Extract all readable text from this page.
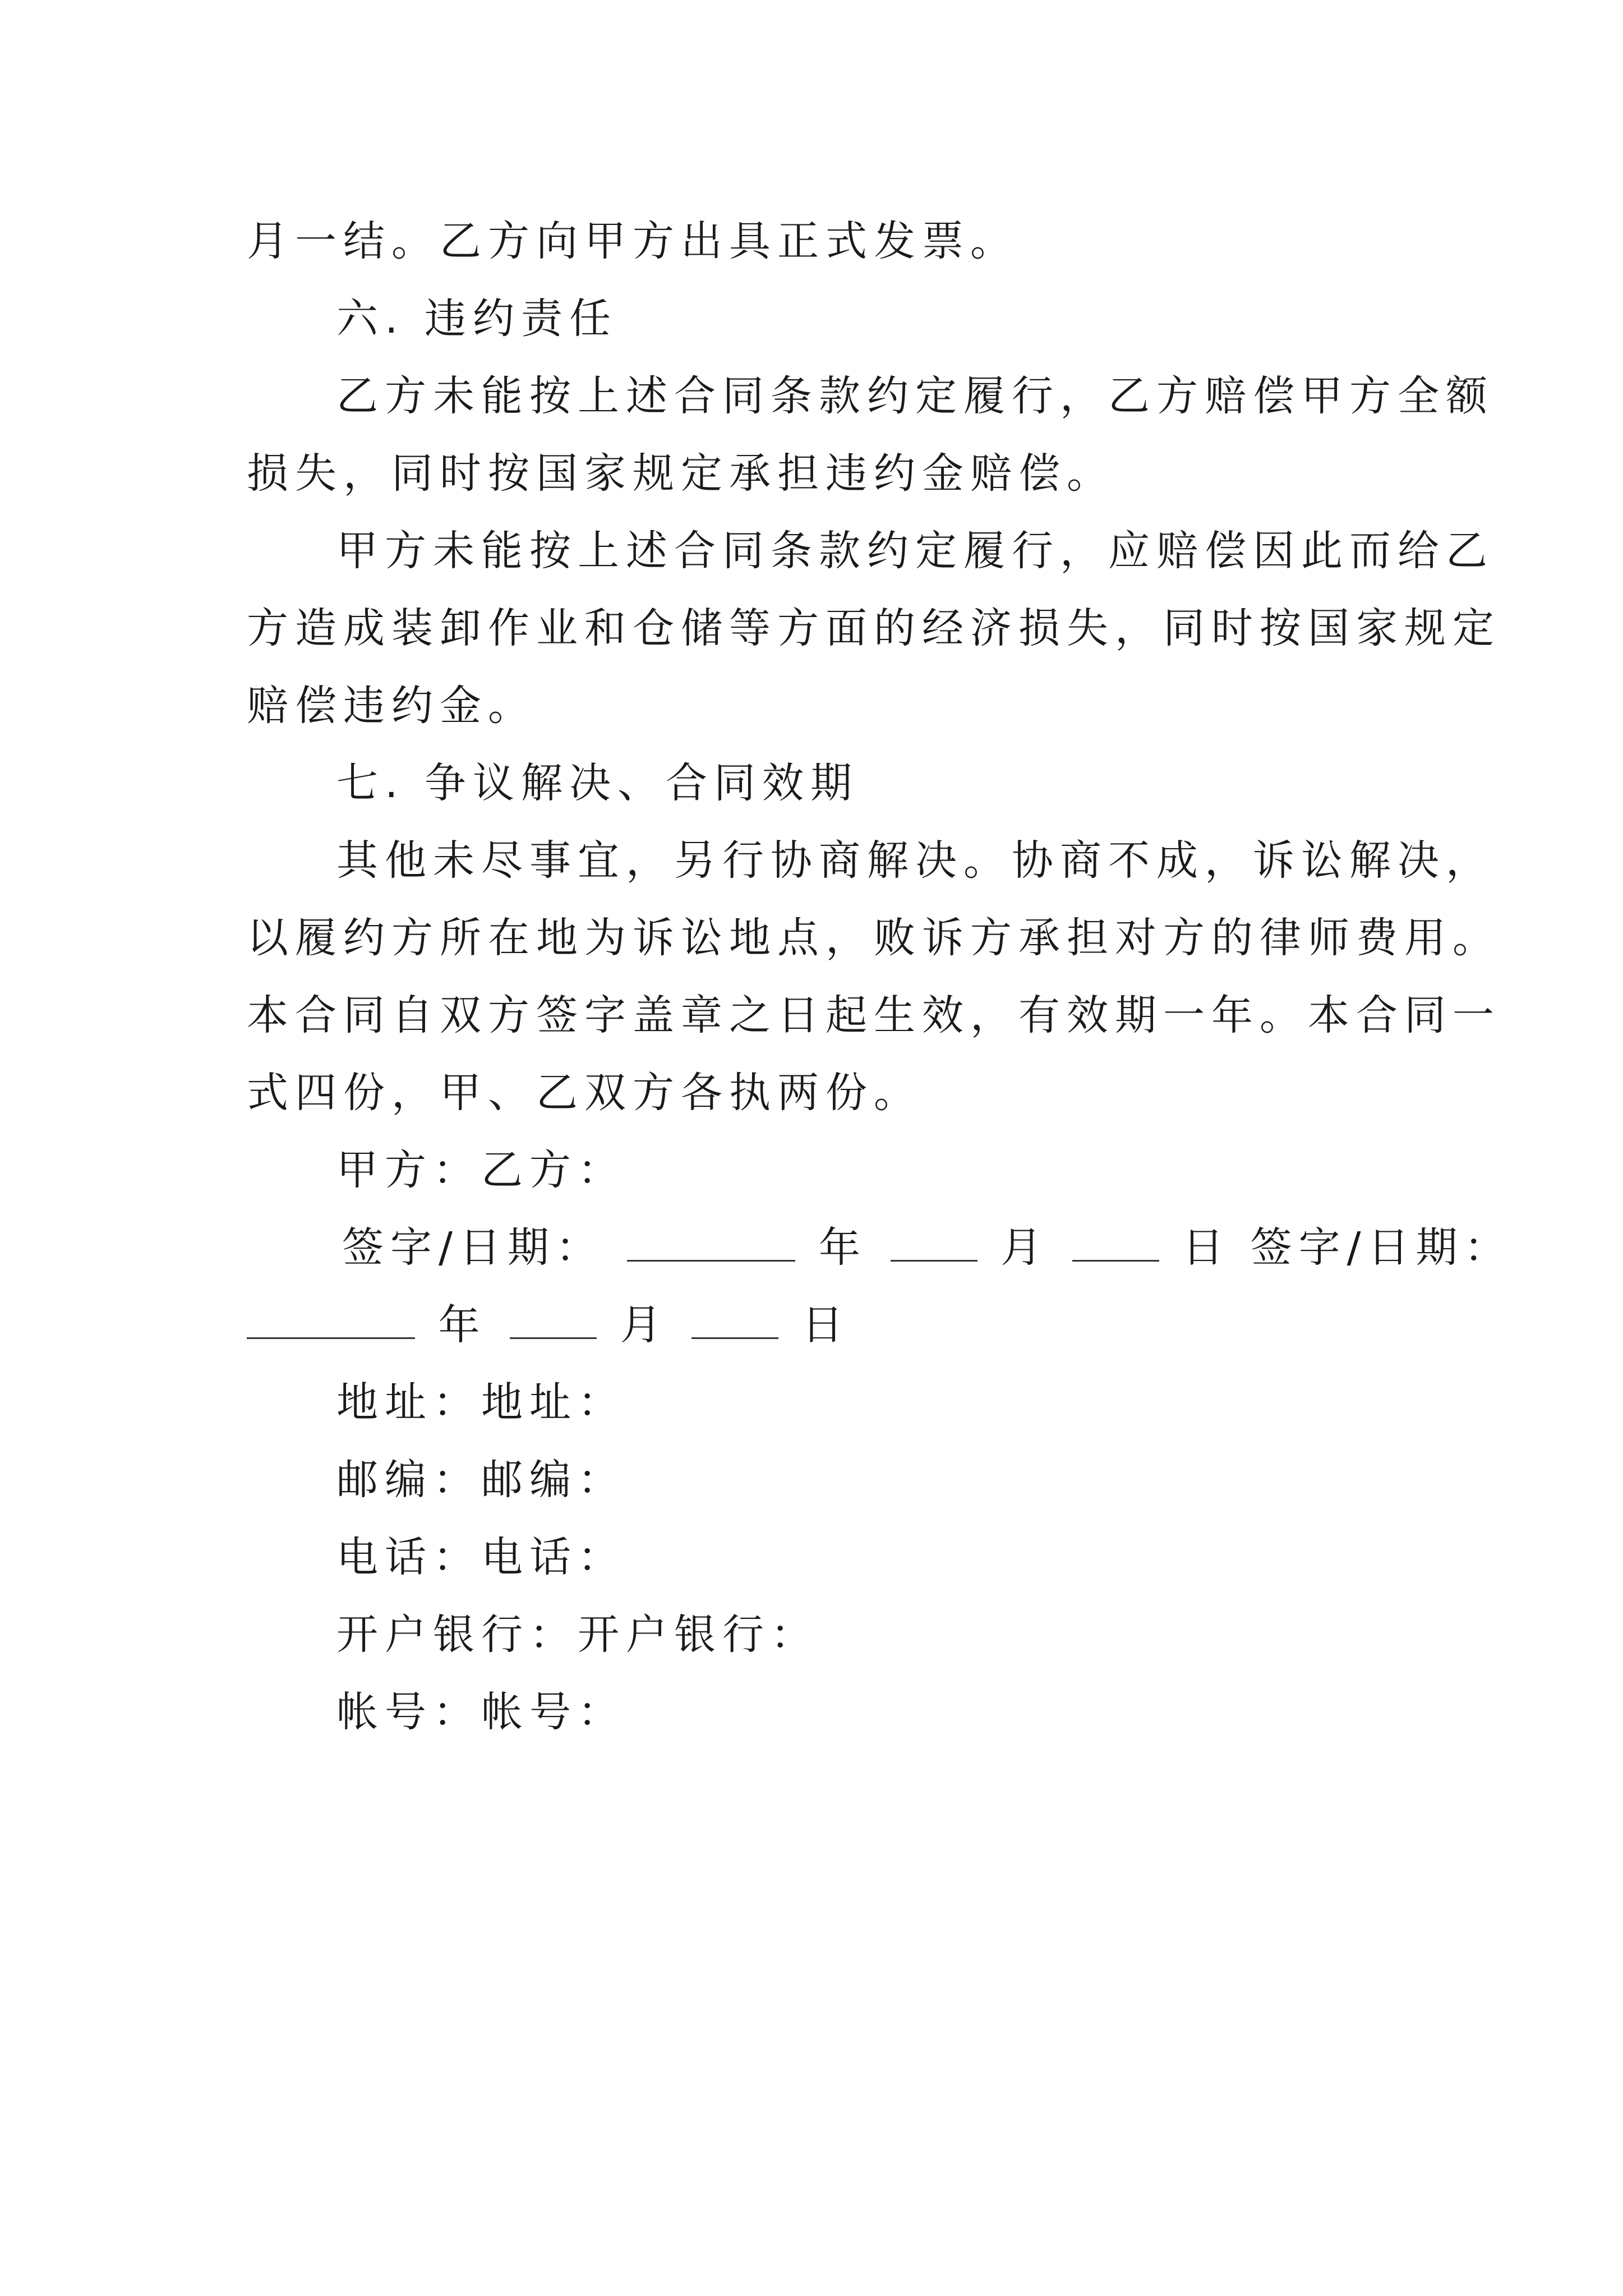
月一结。乙方向甲方出具正式发票。
六. 违约责任
乙方未能按上述合同条款约定履行，乙方赔偿甲方全额
损失，同时按国家规定承担违约金赔偿。
甲方未能按上述合同条款约定履行，应赔偿因此而给乙
方造成装卸作业和仓储等方面的经济损失，同时按国家规定
赔偿违约金。
七. 争议解决、合同效期
其他未尽事宜，另行协商解决。协商不成，诉讼解决，
以履约方所在地为诉讼地点，败诉方承担对方的律师费用。
本合同自双方签字盖章之日起生效，有效期一年。本合同一
式四份，甲、乙双方各执两份。
甲方：乙方：
签字/日期：	年	月	日 签字/日期：
年	月	日
地址：地址：
邮编：邮编：
电话：电话：
开户银行：开户银行：
帐号：帐号：
